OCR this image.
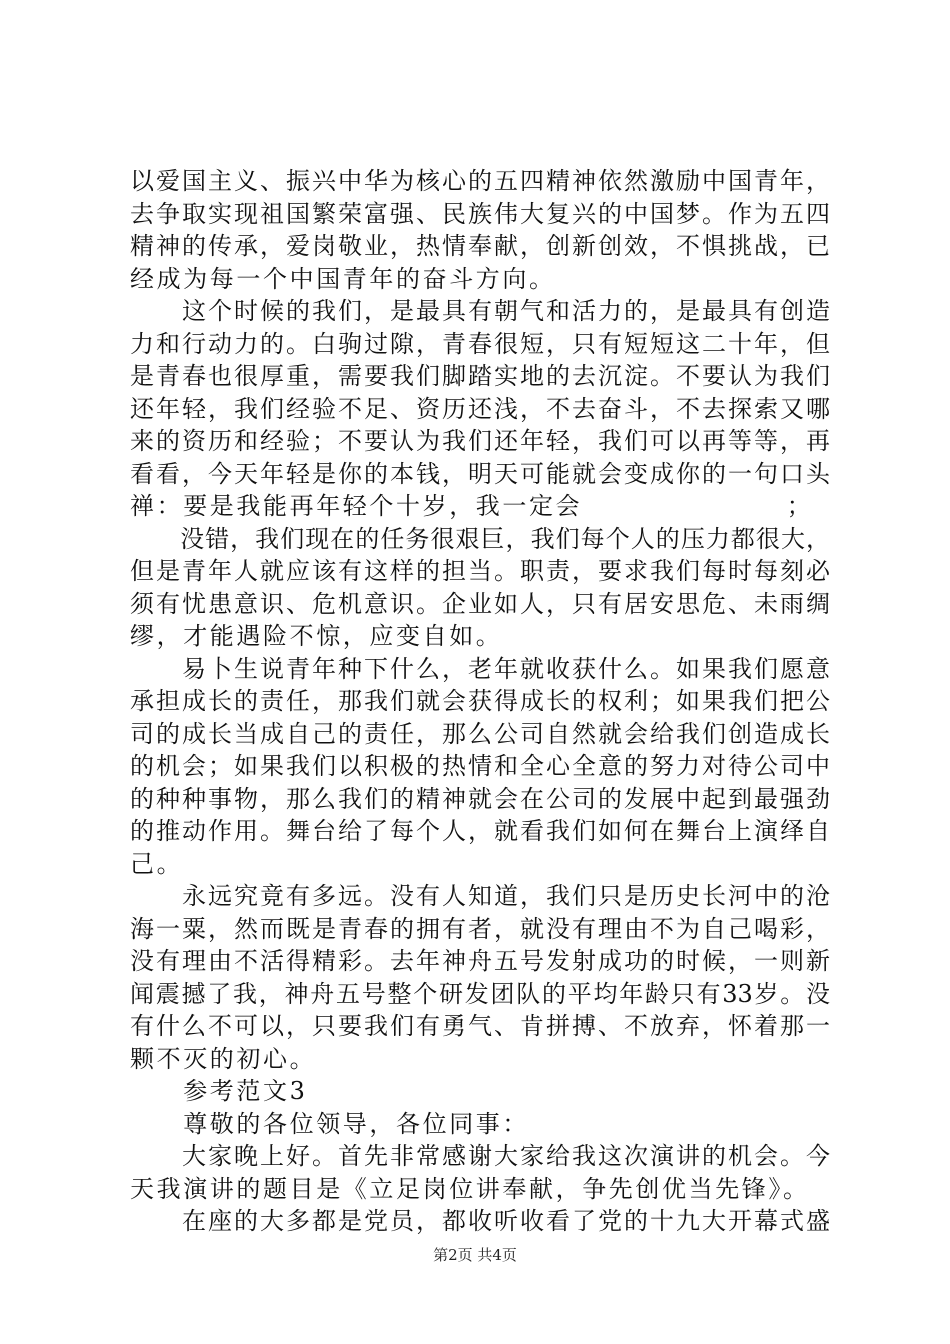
以爱国主义、振兴中华为核心的五四精神依然激励中国青年，
去争取实现祖国繁荣富强、民族伟大复兴的中国梦。作为五四
精神的传承，爱岗敬业，热情奉献，创新创效，不惧挑战，已
经成为每一个中国青年的奋斗方向。
　　这个时候的我们，是最具有朝气和活力的，是最具有创造
力和行动力的。白驹过隙，青春很短，只有短短这二十年，但
是青春也很厚重，需要我们脚踏实地的去沉淀。不要认为我们
还年轻，我们经验不足、资历还浅，不去奋斗，不去探索又哪
来的资历和经验；不要认为我们还年轻，我们可以再等等，再
看看，今天年轻是你的本钱，明天可能就会变成你的一句口头
禅：要是我能再年轻个十岁，我一定会                    ；
　　没错，我们现在的任务很艰巨，我们每个人的压力都很大，
但是青年人就应该有这样的担当。职责，要求我们每时每刻必
须有忧患意识、危机意识。企业如人，只有居安思危、未雨绸
缪，才能遇险不惊，应变自如。
　　易卜生说青年种下什么，老年就收获什么。如果我们愿意
承担成长的责任，那我们就会获得成长的权利；如果我们把公
司的成长当成自己的责任，那么公司自然就会给我们创造成长
的机会；如果我们以积极的热情和全心全意的努力对待公司中
的种种事物，那么我们的精神就会在公司的发展中起到最强劲
的推动作用。舞台给了每个人，就看我们如何在舞台上演绎自
己。
　　永远究竟有多远。没有人知道，我们只是历史长河中的沧
海一粟，然而既是青春的拥有者，就没有理由不为自己喝彩，
没有理由不活得精彩。去年神舟五号发射成功的时候，一则新
闻震撼了我，神舟五号整个研发团队的平均年龄只有33岁。没
有什么不可以，只要我们有勇气、肯拼搏、不放弃，怀着那一
颗不灭的初心。
　　参考范文3
　　尊敬的各位领导，各位同事：
　　大家晚上好。首先非常感谢大家给我这次演讲的机会。今
天我演讲的题目是《立足岗位讲奉献，争先创优当先锋》。
　　在座的大多都是党员，都收听收看了党的十九大开幕式盛
第2页 共4页
